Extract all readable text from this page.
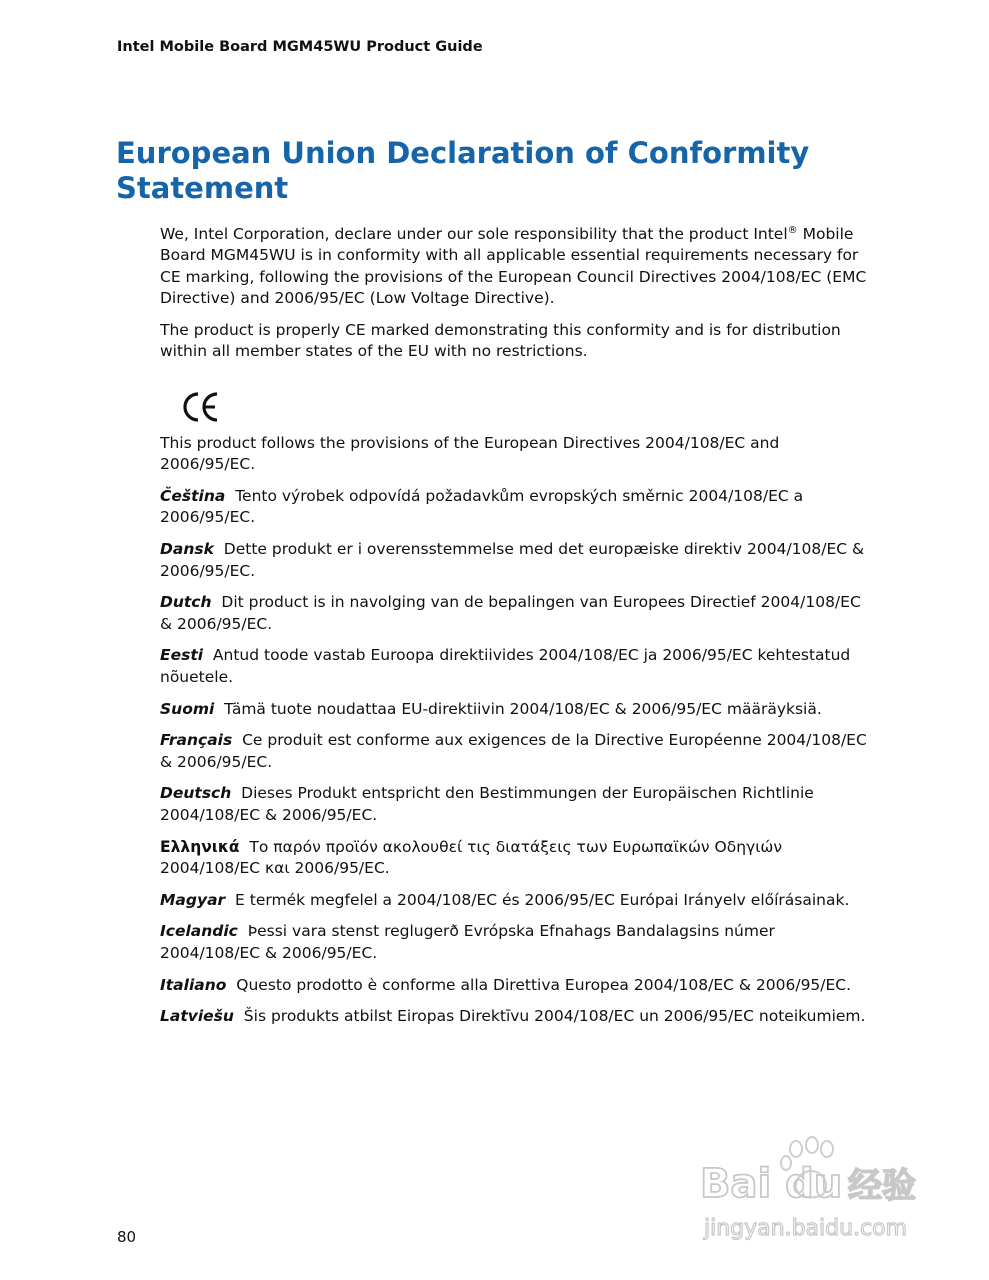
Intel Mobile Board MGM45WU Product Guide
European Union Declaration of Conformity
Statement

We, Intel Corporation, declare under our sole responsibility that the product Intel® Mobile Board MGM45WU is in conformity with all applicable essential requirements necessary for CE marking, following the provisions of the European Council Directives 2004/108/EC (EMC Directive) and 2006/95/EC (Low Voltage Directive).

The product is properly CE marked demonstrating this conformity and is for distribution within all member states of the EU with no restrictions.

This product follows the provisions of the European Directives 2004/108/EC and 2006/95/EC.

Čeština Tento výrobek odpovídá požadavkům evropských směrnic 2004/108/EC a 2006/95/EC.

Dansk Dette produkt er i overensstemmelse med det europæiske direktiv 2004/108/EC & 2006/95/EC.

Dutch Dit product is in navolging van de bepalingen van Europees Directief 2004/108/EC & 2006/95/EC.

Eesti Antud toode vastab Euroopa direktiivides 2004/108/EC ja 2006/95/EC kehtestatud nõuetele.

Suomi Tämä tuote noudattaa EU-direktiivin 2004/108/EC & 2006/95/EC määräyksiä.

Français Ce produit est conforme aux exigences de la Directive Européenne 2004/108/EC & 2006/95/EC.

Deutsch Dieses Produkt entspricht den Bestimmungen der Europäischen Richtlinie 2004/108/EC & 2006/95/EC.

Ελληνικά Το παρόν προϊόν ακολουθεί τις διατάξεις των Ευρωπαϊκών Οδηγιών 2004/108/EC και 2006/95/EC.

Magyar E termék megfelel a 2004/108/EC és 2006/95/EC Európai Irányelv előírásainak.

Icelandic Þessi vara stenst reglugerð Evrópska Efnahags Bandalagsins númer 2004/108/EC & 2006/95/EC.

Italiano Questo prodotto è conforme alla Direttiva Europea 2004/108/EC & 2006/95/EC.

Latviešu Šis produkts atbilst Eiropas Direktīvu 2004/108/EC un 2006/95/EC noteikumiem.

80
Bai du 经验
jingyan.baidu.com
